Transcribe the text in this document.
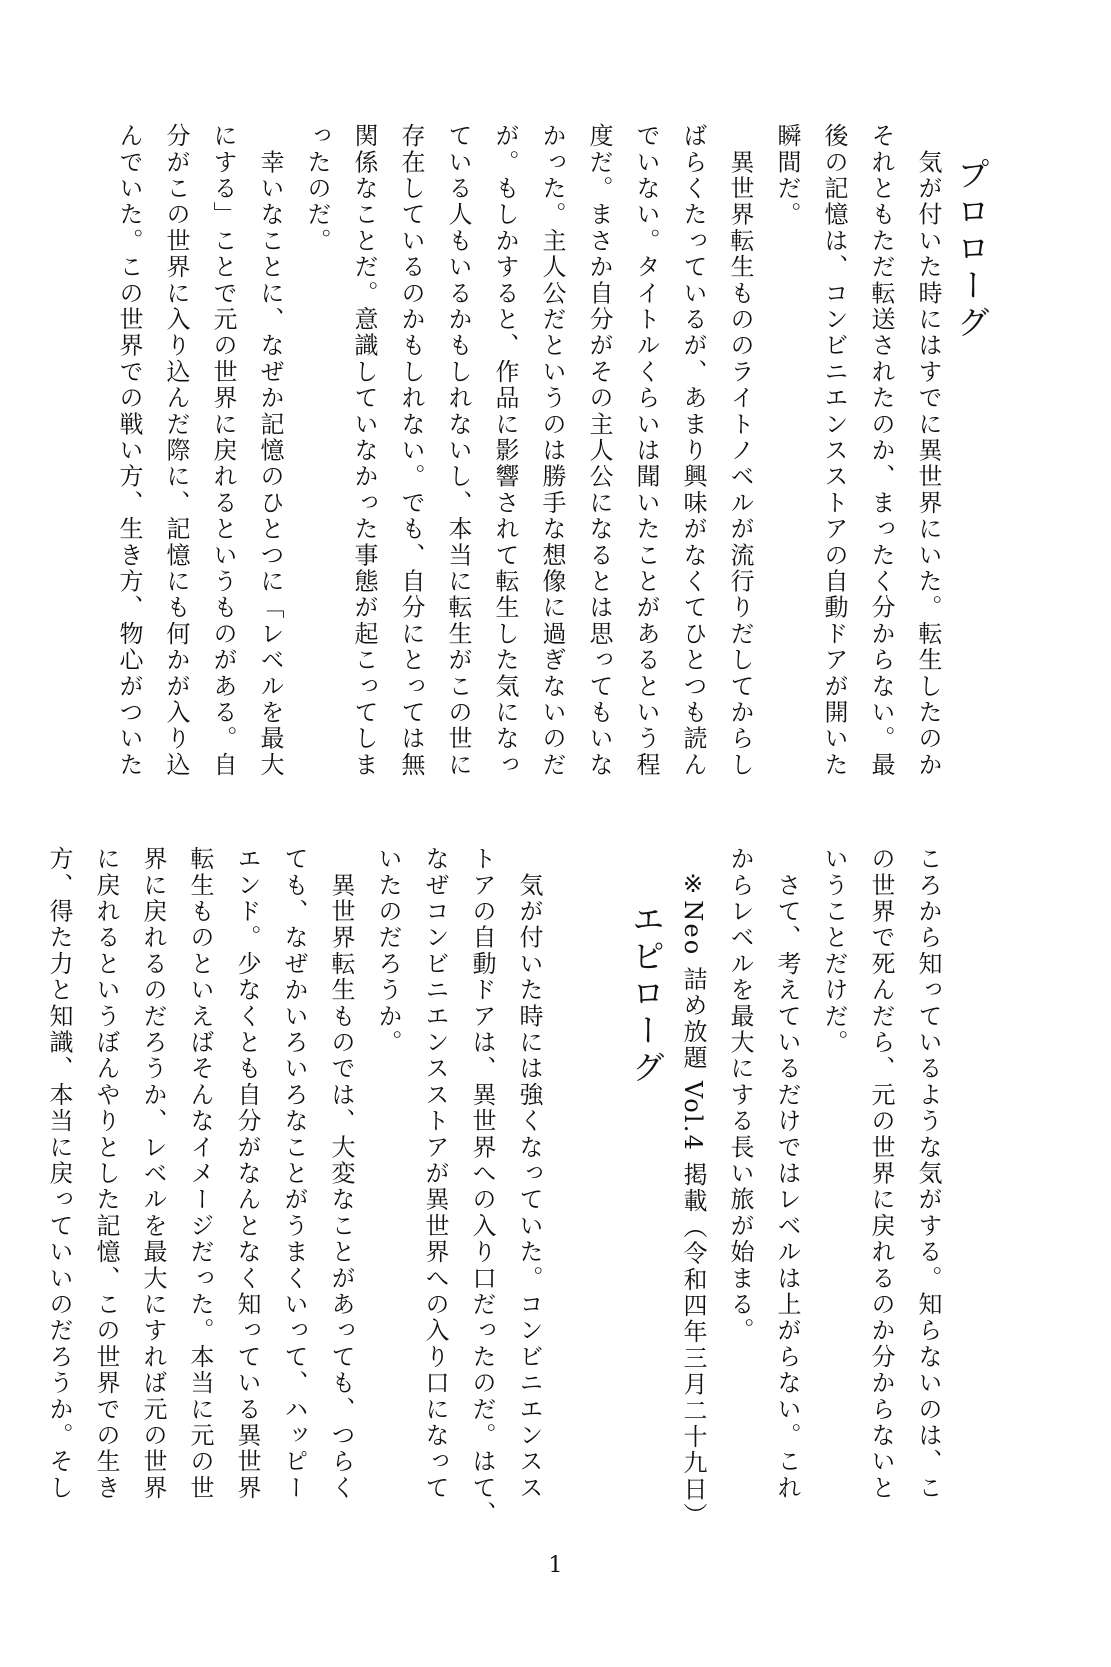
プロローグ
　気が付いた時にはすでに異世界にいた。転生したのか
それともただ転送されたのか、まったく分からない。最
後の記憶は、コンビニエンスストアの自動ドアが開いた
瞬間だ。
　異世界転生もののライトノベルが流行りだしてからし
ばらくたっているが、あまり興味がなくてひとつも読ん
でいない。タイトルくらいは聞いたことがあるという程
度だ。まさか自分がその主人公になるとは思ってもいな
かった。主人公だというのは勝手な想像に過ぎないのだ
が。もしかすると、作品に影響されて転生した気になっ
ている人もいるかもしれないし、本当に転生がこの世に
存在しているのかもしれない。でも、自分にとっては無
関係なことだ。意識していなかった事態が起こってしま
ったのだ。
　幸いなことに、なぜか記憶のひとつに「レベルを最大
にする」ことで元の世界に戻れるというものがある。自
分がこの世界に入り込んだ際に、記憶にも何かが入り込
んでいた。この世界での戦い方、生き方、物心がついた
ころから知っているような気がする。知らないのは、こ
の世界で死んだら、元の世界に戻れるのか分からないと
いうことだけだ。
　さて、考えているだけではレベルは上がらない。これ
からレベルを最大にする長い旅が始まる。
※Neo 詰め放題 Vol.4 掲載（令和四年三月二十九日）

　気が付いた時には強くなっていた。コンビニエンスス
トアの自動ドアは、異世界への入り口だったのだ。はて、
なぜコンビニエンスストアが異世界への入り口になって
いたのだろうか。
　異世界転生ものでは、大変なことがあっても、つらく
ても、なぜかいろいろなことがうまくいって、ハッピー
エンド。少なくとも自分がなんとなく知っている異世界
転生ものといえばそんなイメージだった。本当に元の世
界に戻れるのだろうか、レベルを最大にすれば元の世界
に戻れるというぼんやりとした記憶、この世界での生き
方、得た力と知識、本当に戻っていいのだろうか。そし	エピローグ
1
